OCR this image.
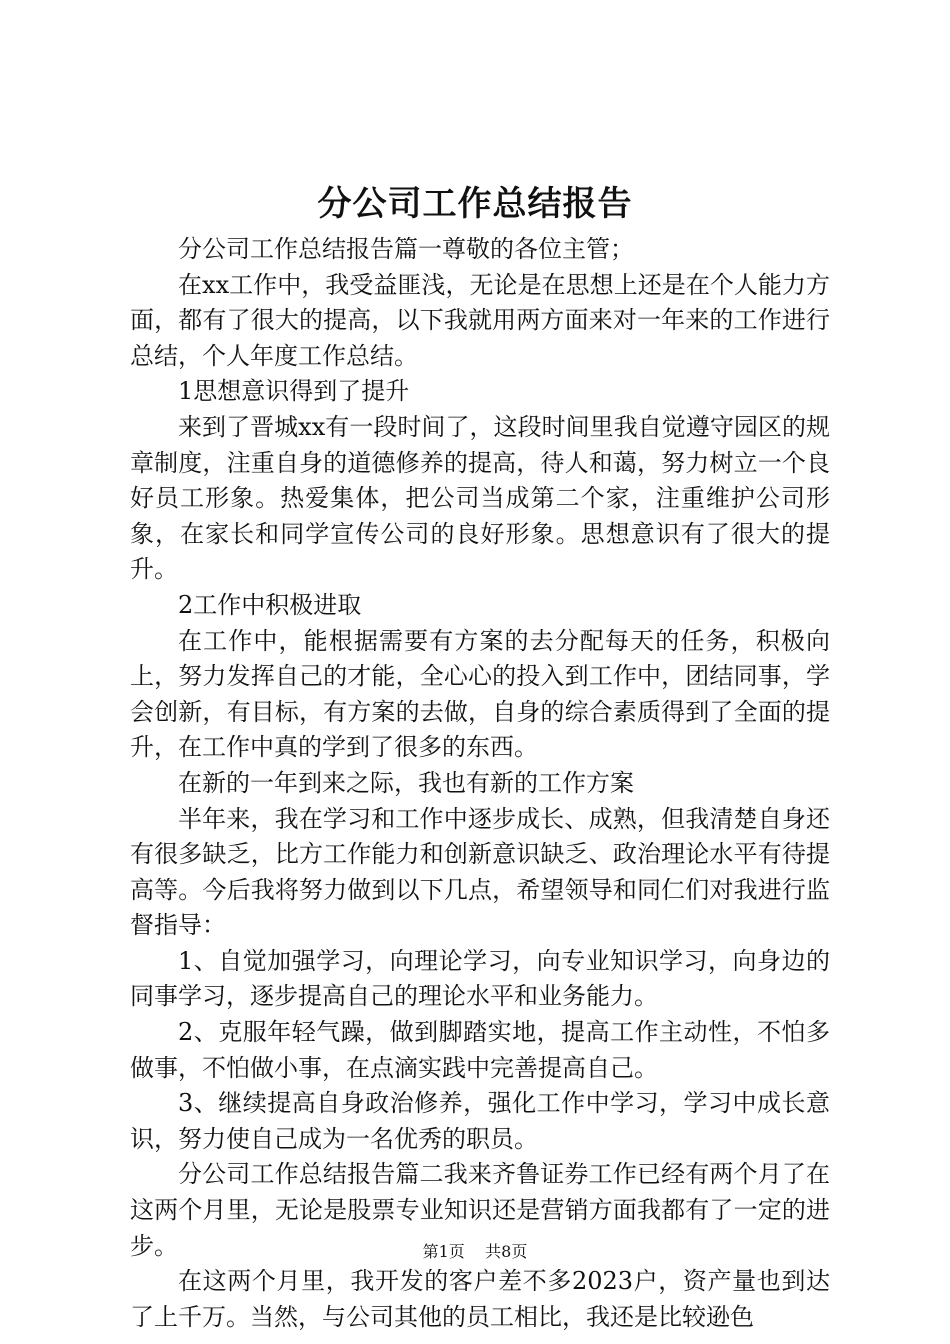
分公司工作总结报告

分公司工作总结报告篇一尊敬的各位主管；

在xx工作中，我受益匪浅，无论是在思想上还是在个人能力方面，都有了很大的提高，以下我就用两方面来对一年来的工作进行总结，个人年度工作总结。

1思想意识得到了提升

来到了晋城xx有一段时间了，这段时间里我自觉遵守园区的规章制度，注重自身的道德修养的提高，待人和蔼，努力树立一个良好员工形象。热爱集体，把公司当成第二个家，注重维护公司形象，在家长和同学宣传公司的良好形象。思想意识有了很大的提升。

2工作中积极进取

在工作中，能根据需要有方案的去分配每天的任务，积极向上，努力发挥自己的才能，全心心的投入到工作中，团结同事，学会创新，有目标，有方案的去做，自身的综合素质得到了全面的提升，在工作中真的学到了很多的东西。

在新的一年到来之际，我也有新的工作方案

半年来，我在学习和工作中逐步成长、成熟，但我清楚自身还有很多缺乏，比方工作能力和创新意识缺乏、政治理论水平有待提高等。今后我将努力做到以下几点，希望领导和同仁们对我进行监督指导：

1、自觉加强学习，向理论学习，向专业知识学习，向身边的同事学习，逐步提高自己的理论水平和业务能力。

2、克服年轻气躁，做到脚踏实地，提高工作主动性，不怕多做事，不怕做小事，在点滴实践中完善提高自己。

3、继续提高自身政治修养，强化工作中学习，学习中成长意识，努力使自己成为一名优秀的职员。

分公司工作总结报告篇二我来齐鲁证券工作已经有两个月了在这两个月里，无论是股票专业知识还是营销方面我都有了一定的进步。

在这两个月里，我开发的客户差不多2023户，资产量也到达了上千万。当然，与公司其他的员工相比，我还是比较逊色

第1页 共8页
